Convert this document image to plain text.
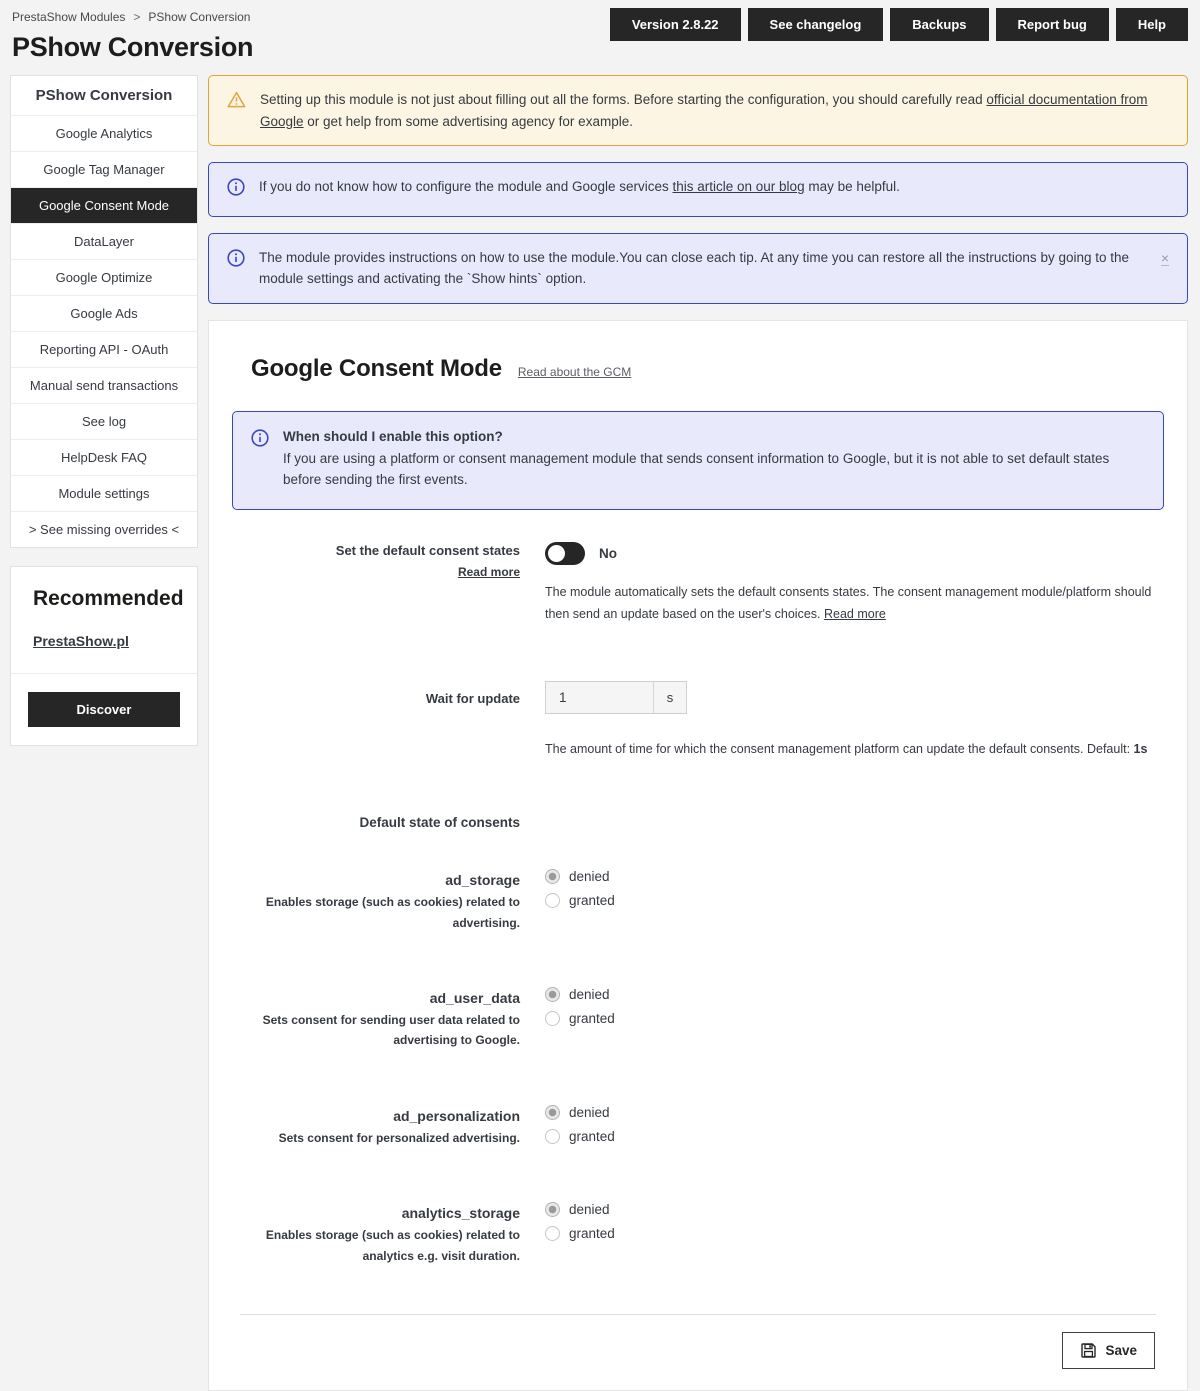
PrestaShow Modules > PShow Conversion
PShow Conversion
Version 2.8.22	See changelog	Backups	Report bug	Help
PShow Conversion
Google Analytics
Google Tag Manager
Google Consent Mode
DataLayer
Google Optimize
Google Ads
Reporting API - OAuth
Manual send transactions
See log
HelpDesk FAQ
Module settings
> See missing overrides <
Recommended
PrestaShow.pl
Discover
Setting up this module is not just about filling out all the forms. Before starting the configuration, you should carefully read official documentation from Google or get help from some advertising agency for example.
If you do not know how to configure the module and Google services this article on our blog may be helpful.
The module provides instructions on how to use the module.You can close each tip. At any time you can restore all the instructions by going to the module settings and activating the `Show hints` option.
×
Google Consent Mode Read about the GCM
When should I enable this option?
If you are using a platform or consent management module that sends consent information to Google, but it is not able to set default states before sending the first events.
Set the default consent states
Read more
No
The module automatically sets the default consents states. The consent management module/platform should then send an update based on the user's choices. Read more
Wait for update
1	s
The amount of time for which the consent management platform can update the default consents. Default: 1s
Default state of consents
ad_storage
Enables storage (such as cookies) related to advertising.
denied
granted
ad_user_data
Sets consent for sending user data related to advertising to Google.
denied
granted
ad_personalization
Sets consent for personalized advertising.
denied
granted
analytics_storage
Enables storage (such as cookies) related to analytics e.g. visit duration.
denied
granted
Save
